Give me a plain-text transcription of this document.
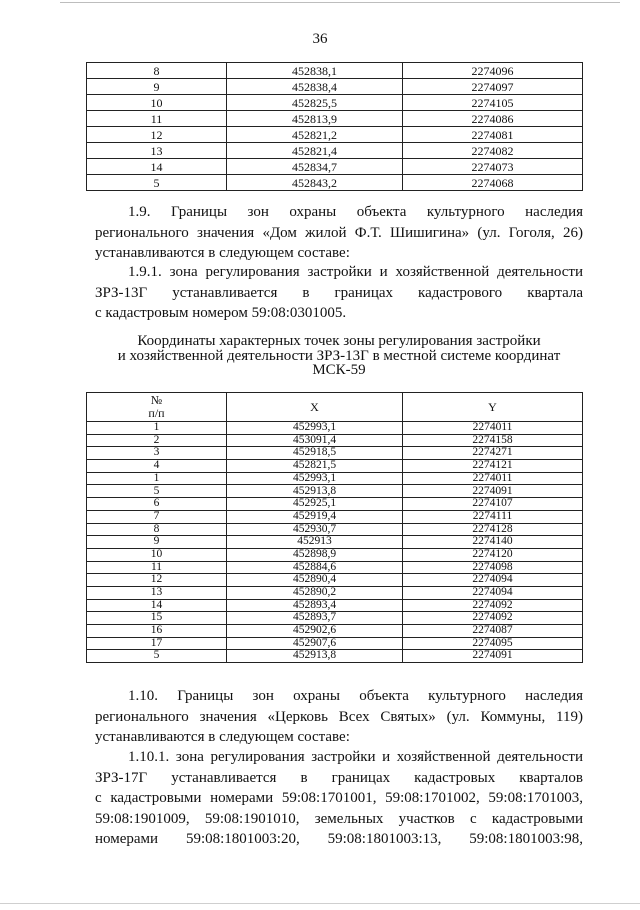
36
8	452838,1	2274096
9	452838,4	2274097
10	452825,5	2274105
11	452813,9	2274086
12	452821,2	2274081
13	452821,4	2274082
14	452834,7	2274073
5	452843,2	2274068
1.9. Границы зон охраны объекта культурного наследия
регионального значения «Дом жилой Ф.Т. Шишигина» (ул. Гоголя, 26)
устанавливаются в следующем составе:
1.9.1. зона регулирования застройки и хозяйственной деятельности
ЗРЗ-13Г устанавливается в границах кадастрового квартала
с кадастровым номером 59:08:0301005.
Координаты характерных точек зоны регулирования застройки
и хозяйственной деятельности ЗРЗ-13Г в местной системе координат
МСК-59
№
п/п	X	Y
1	452993,1	2274011
2	453091,4	2274158
3	452918,5	2274271
4	452821,5	2274121
1	452993,1	2274011
5	452913,8	2274091
6	452925,1	2274107
7	452919,4	2274111
8	452930,7	2274128
9	452913	2274140
10	452898,9	2274120
11	452884,6	2274098
12	452890,4	2274094
13	452890,2	2274094
14	452893,4	2274092
15	452893,7	2274092
16	452902,6	2274087
17	452907,6	2274095
5	452913,8	2274091
1.10. Границы зон охраны объекта культурного наследия
регионального значения «Церковь Всех Святых» (ул. Коммуны, 119)
устанавливаются в следующем составе:
1.10.1. зона регулирования застройки и хозяйственной деятельности
ЗРЗ-17Г устанавливается в границах кадастровых кварталов
с кадастровыми номерами 59:08:1701001, 59:08:1701002, 59:08:1701003,
59:08:1901009, 59:08:1901010, земельных участков с кадастровыми
номерами 59:08:1801003:20, 59:08:1801003:13, 59:08:1801003:98,
